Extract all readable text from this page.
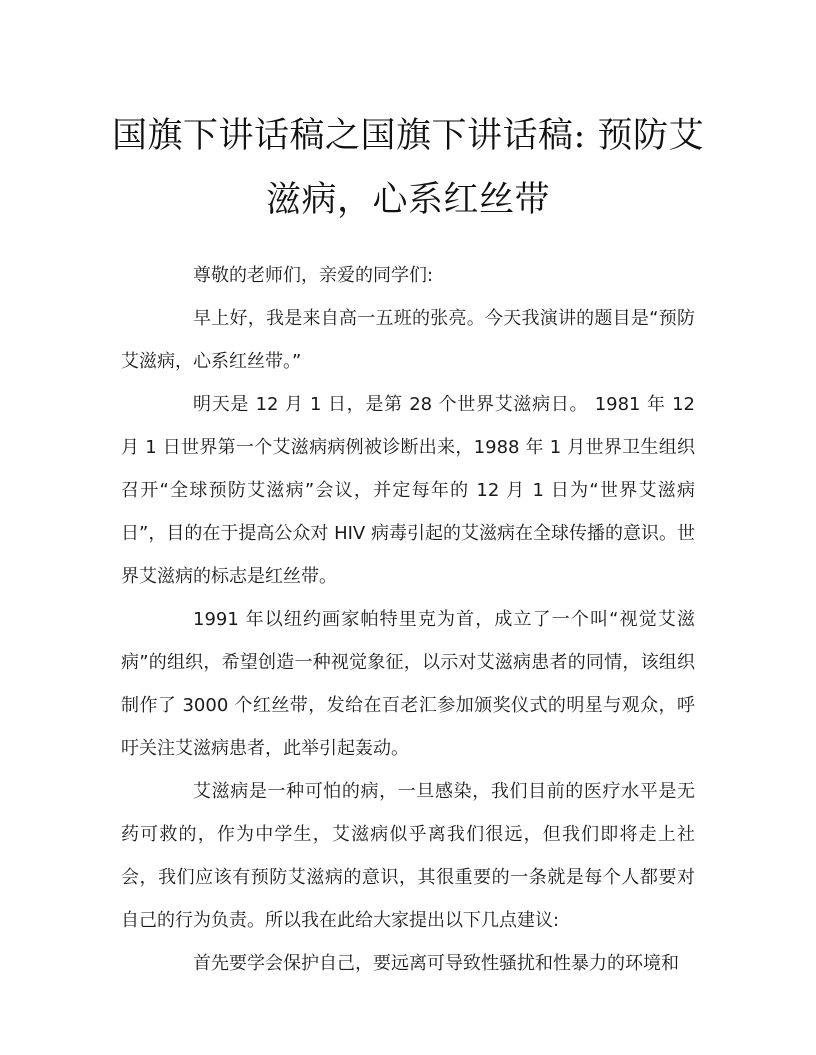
国旗下讲话稿之国旗下讲话稿: 预防艾滋病，心系红丝带

尊敬的老师们，亲爱的同学们:

早上好，我是来自高一五班的张亮。今天我演讲的题目是“预防艾滋病，心系红丝带。”

明天是 12 月 1 日，是第 28 个世界艾滋病日。 1981 年 12 月 1 日世界第一个艾滋病病例被诊断出来，1988 年 1 月世界卫生组织召开“全球预防艾滋病”会议，并定每年的 12 月 1 日为“世界艾滋病日”，目的在于提高公众对 HIV 病毒引起的艾滋病在全球传播的意识。世界艾滋病的标志是红丝带。

1991 年以纽约画家帕特里克为首，成立了一个叫“视觉艾滋病”的组织，希望创造一种视觉象征，以示对艾滋病患者的同情，该组织制作了 3000 个红丝带，发给在百老汇参加颁奖仪式的明星与观众，呼吁关注艾滋病患者，此举引起轰动。

艾滋病是一种可怕的病，一旦感染，我们目前的医疗水平是无药可救的，作为中学生，艾滋病似乎离我们很远，但我们即将走上社会，我们应该有预防艾滋病的意识，其很重要的一条就是每个人都要对自己的行为负责。所以我在此给大家提出以下几点建议:

首先要学会保护自己，要远离可导致性骚扰和性暴力的环境和
